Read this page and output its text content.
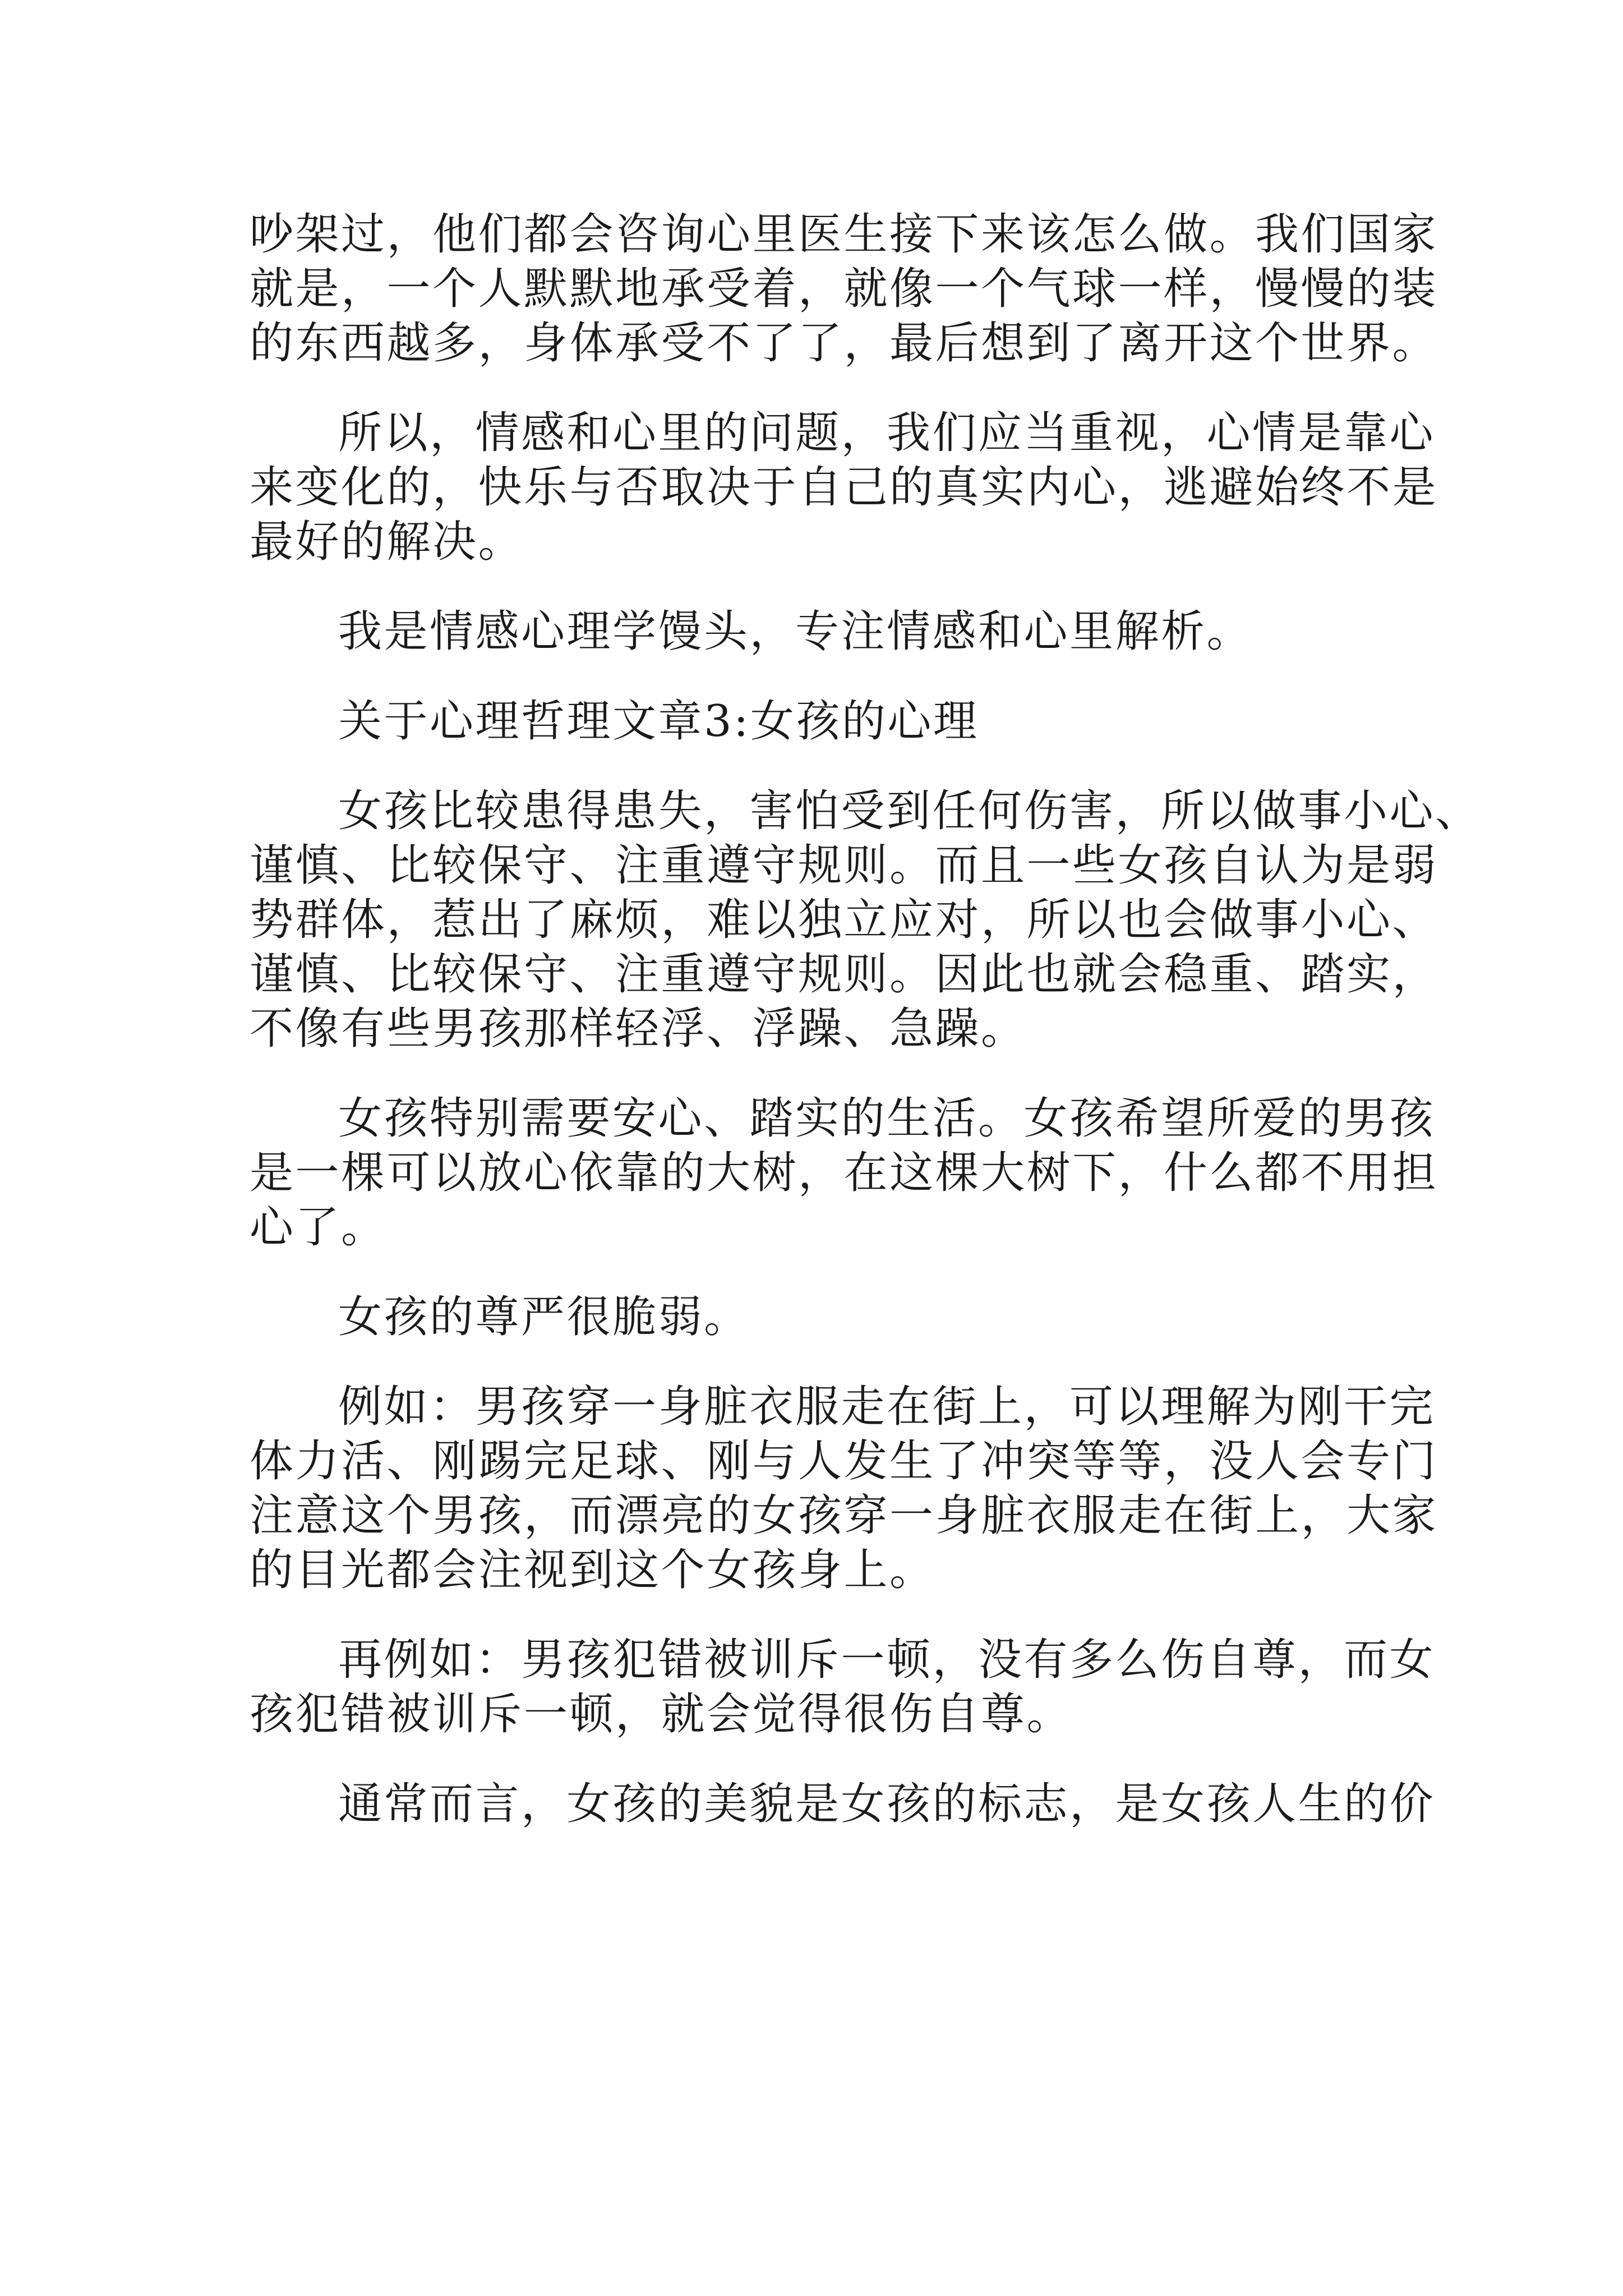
吵架过，他们都会咨询心里医生接下来该怎么做。我们国家
就是，一个人默默地承受着，就像一个气球一样，慢慢的装
的东西越多，身体承受不了了，最后想到了离开这个世界。
所以，情感和心里的问题，我们应当重视，心情是靠心
来变化的，快乐与否取决于自己的真实内心，逃避始终不是
最好的解决。
我是情感心理学馒头，专注情感和心里解析。
关于心理哲理文章3:女孩的心理
女孩比较患得患失，害怕受到任何伤害，所以做事小心、
谨慎、比较保守、注重遵守规则。而且一些女孩自认为是弱
势群体，惹出了麻烦，难以独立应对，所以也会做事小心、
谨慎、比较保守、注重遵守规则。因此也就会稳重、踏实，
不像有些男孩那样轻浮、浮躁、急躁。
女孩特别需要安心、踏实的生活。女孩希望所爱的男孩
是一棵可以放心依靠的大树，在这棵大树下，什么都不用担
心了。
女孩的尊严很脆弱。
例如：男孩穿一身脏衣服走在街上，可以理解为刚干完
体力活、刚踢完足球、刚与人发生了冲突等等，没人会专门
注意这个男孩，而漂亮的女孩穿一身脏衣服走在街上，大家
的目光都会注视到这个女孩身上。
再例如：男孩犯错被训斥一顿，没有多么伤自尊，而女
孩犯错被训斥一顿，就会觉得很伤自尊。
通常而言，女孩的美貌是女孩的标志，是女孩人生的价
